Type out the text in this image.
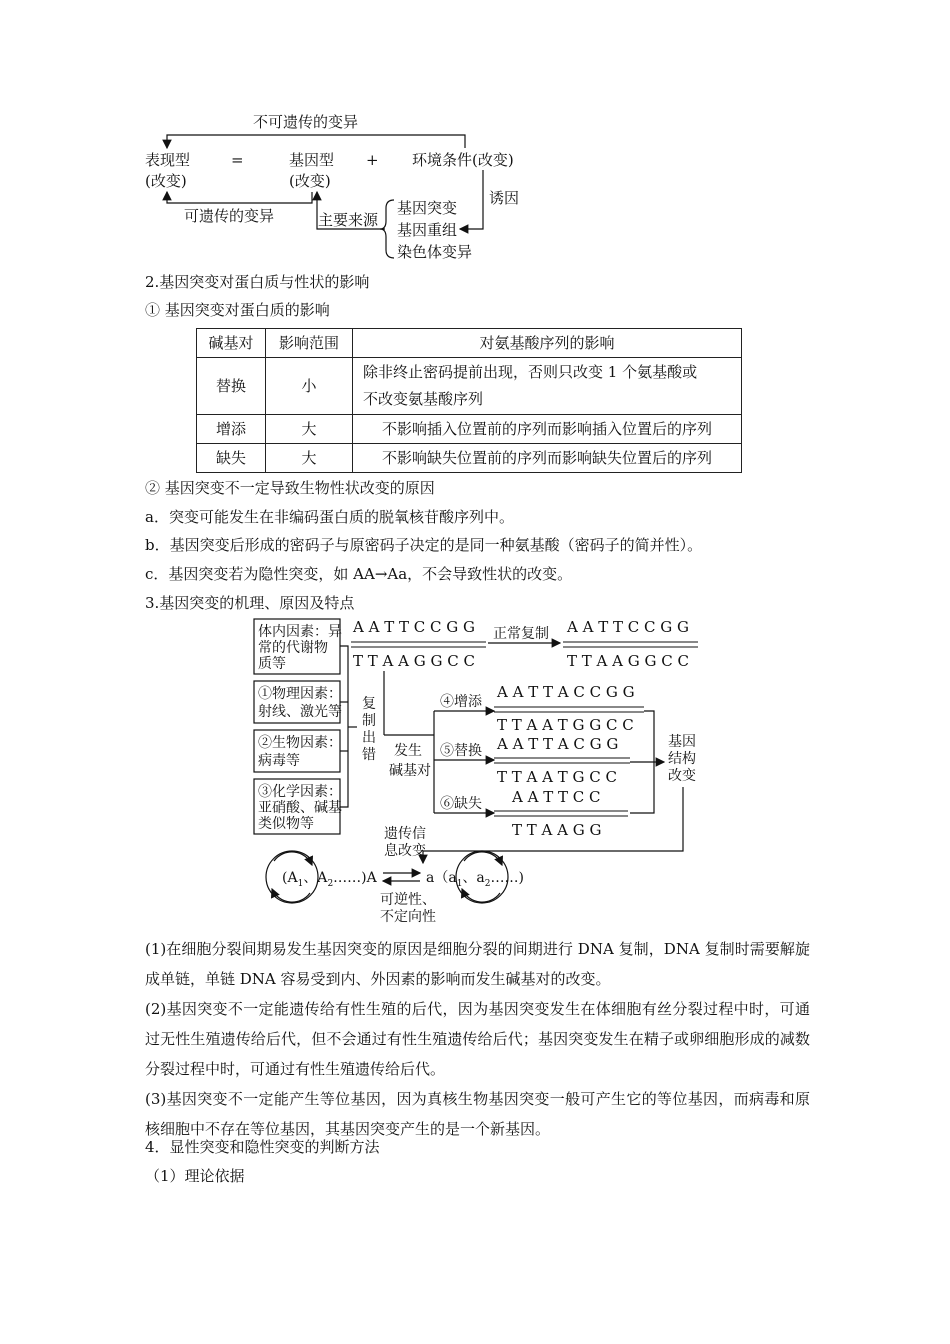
不可遗传的变异
表现型
(改变)
=	基因型
(改变)
+ 环境条件(改变)
可遗传的变异	主要来源
基因突变
基因重组
染色体变异
诱因
2.基因突变对蛋白质与性状的影响
① 基因突变对蛋白质的影响
碱基对	影响范围	对氨基酸序列的影响
替换	小	除非终止密码提前出现，否则只改变 1 个氨基酸或
不改变氨基酸序列
增添	大	不影响插入位置前的序列而影响插入位置后的序列
缺失	大	不影响缺失位置前的序列而影响缺失位置后的序列
② 基因突变不一定导致生物性状改变的原因
a．突变可能发生在非编码蛋白质的脱氧核苷酸序列中。
b．基因突变后形成的密码子与原密码子决定的是同一种氨基酸（密码子的简并性）。
c．基因突变若为隐性突变，如 AA→Aa，不会导致性状的改变。
3.基因突变的机理、原因及特点
体内因素：异
常的代谢物
质等
①物理因素：
射线、激光等
②生物因素：
病毒等
③化学因素：
亚硝酸、碱基
类似物等
复
制
出
错
A A T T C C G G
T T A A G G C C
正常复制 A A T T C C G G
T T A A G G C C
发生
碱基对
④增添
A A T T A C C G G
T T A A T G G C C
⑤替换 A A T T A C G G
T T A A T G C C
⑥缺失 A A T T C C
T T A A G G
基因
结构
改变
遗传信
息改变
($A_1$、$A_2\dots\dots)A$	$a(a_1$、$a_2\dots\dots$)
可逆性、
不定向性
(1)在细胞分裂间期易发生基因突变的原因是细胞分裂的间期进行 DNA 复制，DNA 复制时需要解旋成单链，单链 DNA 容易受到内、外因素的影响而发生碱基对的改变。
(2)基因突变不一定能遗传给有性生殖的后代，因为基因突变发生在体细胞有丝分裂过程中时，可通过无性生殖遗传给后代，但不会通过有性生殖遗传给后代；基因突变发生在精子或卵细胞形成的减数分裂过程中时，可通过有性生殖遗传给后代。
(3)基因突变不一定能产生等位基因，因为真核生物基因突变一般可产生它的等位基因，而病毒和原核细胞中不存在等位基因，其基因突变产生的是一个新基因。
4．显性突变和隐性突变的判断方法
（1）理论依据
